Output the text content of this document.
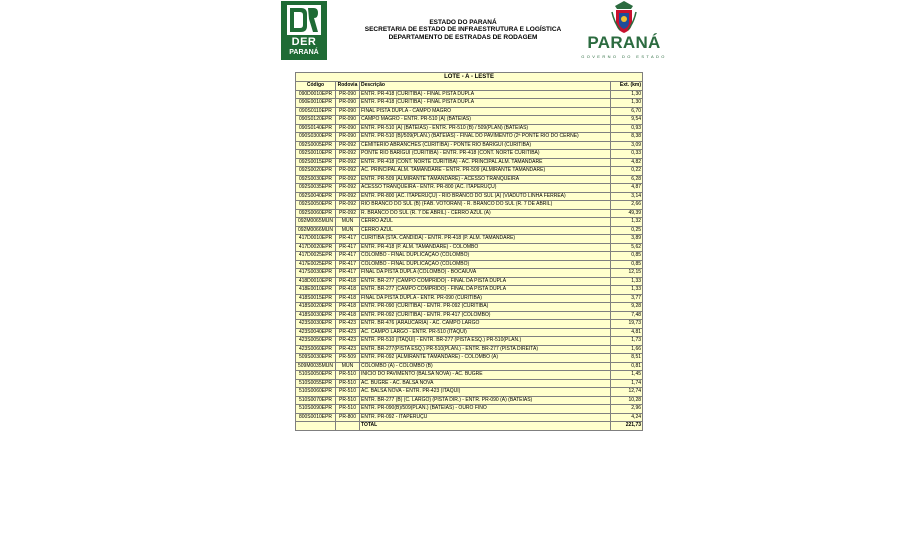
DER
PARANÁ
ESTADO DO PARANÁ
SECRETARIA DE ESTADO DE INFRAESTRUTURA E LOGÍSTICA
DEPARTAMENTO DE ESTRADAS DE RODAGEM	PARANÁ
GOVERNO DO ESTADO
LOTE - A - LESTE			
Código	Rodovia	Descrição	Ext. (km)
090D0010EPR	PR-090	ENTR. PR-418 (CURITIBA) - FINAL PISTA DUPLA	1,30
090E0010EPR	PR-090	ENTR. PR-418 (CURITIBA) - FINAL PISTA DUPLA	1,30
090S0110EPR	PR-090	FINAL PISTA DUPLA - CAMPO MAGRO	6,70
090S0120EPR	PR-090	CAMPO MAGRO - ENTR. PR-510 (A) (BATEIAS)	9,54
090S0140EPR	PR-090	ENTR. PR-510 (A) (BATEIAS) - ENTR. PR-510 (B) / 509(PLAN) (BATEIAS)	0,93
090S0300EPR	PR-090	ENTR. PR-510 (B)/509(PLAN.) (BATEIAS) - FINAL DO PAVIMENTO (2ª PONTE RIO DO CERNE)	8,38
092S0005EPR	PR-092	CEMITÉRIO ABRANCHES (CURITIBA) - PONTE RIO BARIGUI (CURITIBA)	3,09
092S0010EPR	PR-092	PONTE RIO BARIGUI (CURITIBA) - ENTR. PR-418 (CONT. NORTE CURITIBA)	0,33
092S0015EPR	PR-092	ENTR. PR-418 (CONT. NORTE CURITIBA) - AC. PRINCIPAL ALM. TAMANDARÉ	4,82
092S0020EPR	PR-092	AC. PRINCIPAL ALM. TAMANDARÉ - ENTR. PR-509 (ALMIRANTE TAMANDARÉ)	0,22
092S0030EPR	PR-092	ENTR. PR-509 (ALMIRANTE TAMANDARÉ) - ACESSO TRANQUEIRA	6,28
092S0035EPR	PR-092	ACESSO TRANQUEIRA - ENTR. PR-800 (AC. ITAPERUÇU)	4,87
092S0040EPR	PR-092	ENTR. PR-800 (AC. ITAPERUÇU) - RIO BRANCO DO SUL (A) (VIADUTO LINHA FÉRREA)	3,14
092S0050EPR	PR-092	RIO BRANCO DO SUL (B) (FÁB. VOTORAN) - R. BRANCO DO SUL (R. 7 DE ABRIL)	2,66
092S0060EPR	PR-092	R. BRANCO DO SUL (R. 7 DE ABRIL) - CERRO AZUL (A)	49,39
092M0065MUN	MUN	CERRO AZUL	1,32
092M0066MUN	MUN	CERRO AZUL	0,25
417D0010EPR	PR-417	CURITIBA (STA. CÂNDIDA) - ENTR. PR-418 (P. ALM. TAMANDARÉ)	3,89
417D0020EPR	PR-417	ENTR. PR-418 (P. ALM. TAMANDARÉ) - COLOMBO	5,62
417D0025EPR	PR-417	COLOMBO - FINAL DUPLICAÇÃO (COLOMBO)	0,85
417E0025EPR	PR-417	COLOMBO - FINAL DUPLICAÇÃO (COLOMBO)	0,85
417S0030EPR	PR-417	FINAL DA PISTA DUPLA (COLOMBO) - BOCAIÚVA	12,15
418D0010EPR	PR-418	ENTR. BR-277 (CAMPO COMPRIDO) - FINAL DA PISTA DUPLA	1,33
418E0010EPR	PR-418	ENTR. BR-277 (CAMPO COMPRIDO) - FINAL DA PISTA DUPLA	1,33
418S0015EPR	PR-418	FINAL DA PISTA DUPLA - ENTR. PR-090 (CURITIBA)	3,77
418S0020EPR	PR-418	ENTR. PR-090 (CURITIBA) - ENTR. PR-092 (CURITIBA)	9,28
418S0030EPR	PR-418	ENTR. PR-092 (CURITIBA) - ENTR. PR-417 (COLOMBO)	7,48
423S0030EPR	PR-423	ENTR. BR-476 (ARAUCÁRIA) - AC. CAMPO LARGO	19,73
423S0040EPR	PR-423	AC. CAMPO LARGO - ENTR. PR-510 (ITAQUI)	4,81
423S0050EPR	PR-423	ENTR. PR-510 (ITAQUI) - ENTR. BR-277 (PISTA ESQ.) PR-510(PLAN.)	1,73
423S0060EPR	PR-423	ENTR. BR-277(PISTA ESQ.) PR-510(PLAN.) - ENTR. BR-277 (PISTA DIREITA)	1,66
509S0030EPR	PR-509	ENTR. PR-092 (ALMIRANTE TAMANDARÉ) - COLOMBO (A)	8,51
509M0035MUN	MUN	COLOMBO (A) - COLOMBO (B)	0,81
510S0050EPR	PR-510	INÍCIO DO PAVIMENTO (BALSA NOVA) - AC. BUGRE	1,45
510S0055EPR	PR-510	AC. BUGRE - AC. BALSA NOVA	1,74
510S0060EPR	PR-510	AC. BALSA NOVA - ENTR. PR-423 (ITAQUI)	12,74
510S0070EPR	PR-510	ENTR. BR-277 (B) (C. LARGO) (PISTA DIR.) - ENTR. PR-090 (A) (BATEIAS)	10,28
510S0090EPR	PR-510	ENTR. PR-090(B)/509(PLAN.) (BATEIAS) - OURO FINO	2,96
800S0010EPR	PR-800	ENTR. PR-092 - ITAPERUÇU	4,24
		TOTAL	221,73
